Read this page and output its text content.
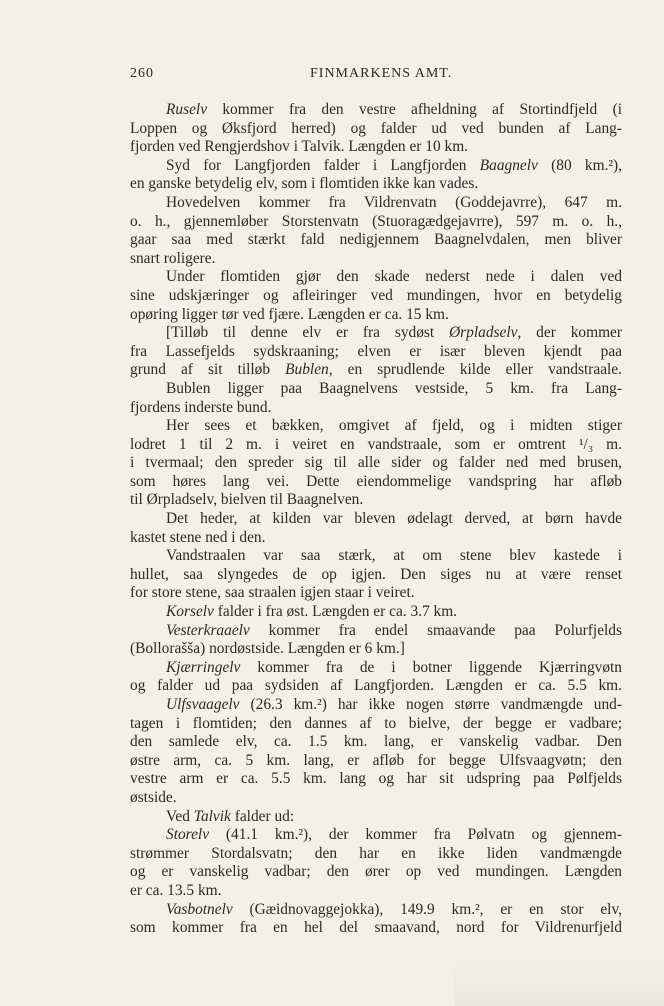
260	FINMARKENS AMT.
Ruselv kommer fra den vestre afheldning af Stortindfjeld (i
Loppen og Øksfjord herred) og falder ud ved bunden af Lang-
fjorden ved Rengjerdshov i Talvik. Længden er 10 km.
Syd for Langfjorden falder i Langfjorden Baagnelv (80 km.²),
en ganske betydelig elv, som i flomtiden ikke kan vades.
Hovedelven kommer fra Vildrenvatn (Goddejavrre), 647 m.
o. h., gjennemløber Storstenvatn (Stuoragædgejavrre), 597 m. o. h.,
gaar saa med stærkt fald nedigjennem Baagnelvdalen, men bliver
snart roligere.
Under flomtiden gjør den skade nederst nede i dalen ved
sine udskjæringer og afleiringer ved mundingen, hvor en betydelig
opøring ligger tør ved fjære. Længden er ca. 15 km.
[Tilløb til denne elv er fra sydøst Ørpladselv, der kommer
fra Lassefjelds sydskraaning; elven er især bleven kjendt paa
grund af sit tilløb Bublen, en sprudlende kilde eller vandstraale.
Bublen ligger paa Baagnelvens vestside, 5 km. fra Lang-
fjordens inderste bund.
Her sees et bækken, omgivet af fjeld, og i midten stiger
lodret 1 til 2 m. i veiret en vandstraale, som er omtrent ¹/₃ m.
i tvermaal; den spreder sig til alle sider og falder ned med brusen,
som høres lang vei. Dette eiendommelige vandspring har afløb
til Ørpladselv, bielven til Baagnelven.
Det heder, at kilden var bleven ødelagt derved, at børn havde
kastet stene ned i den.
Vandstraalen var saa stærk, at om stene blev kastede i
hullet, saa slyngedes de op igjen. Den siges nu at være renset
for store stene, saa straalen igjen staar i veiret.
Korselv falder i fra øst. Længden er ca. 3.7 km.
Vesterkraaelv kommer fra endel smaavande paa Polurfjelds
(Bollorašša) nordøstside. Længden er 6 km.]
Kjærringelv kommer fra de i botner liggende Kjærringvøtn
og falder ud paa sydsiden af Langfjorden. Længden er ca. 5.5 km.
Ulfsvaagelv (26.3 km.²) har ikke nogen større vandmængde und-
tagen i flomtiden; den dannes af to bielve, der begge er vadbare;
den samlede elv, ca. 1.5 km. lang, er vanskelig vadbar. Den
østre arm, ca. 5 km. lang, er afløb for begge Ulfsvaagvøtn; den
vestre arm er ca. 5.5 km. lang og har sit udspring paa Pølfjelds
østside.
Ved Talvik falder ud:
Storelv (41.1 km.²), der kommer fra Pølvatn og gjennem-
strømmer Stordalsvatn; den har en ikke liden vandmængde
og er vanskelig vadbar; den ører op ved mundingen. Længden
er ca. 13.5 km.
Vasbotnelv (Gæidnovaggejokka), 149.9 km.², er en stor elv,
som kommer fra en hel del smaavand, nord for Vildrenurfjeld
